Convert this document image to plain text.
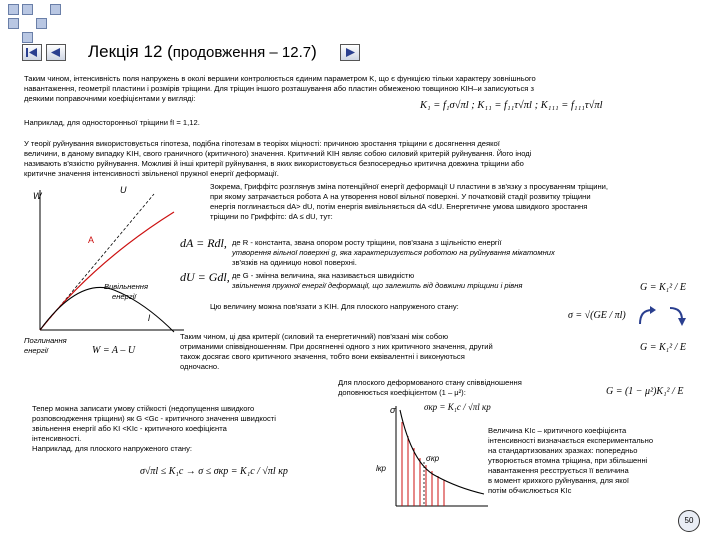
Лекція 12 (продовження – 12.7)
Таким чином, інтенсивність поля напружень в околі вершини контролюється єдиним параметром K, що є функцією тільки характеру зовнішнього
навантаження, геометрії пластини і розмірів тріщини. Для тріщин іншого розташування або пластин обмеженою товщиною KІН–и записуються з
деякими поправочними коефіцієнтами у вигляді:
K₁ = f₁σ√πl ; K₁₁ = f₁₁τ√πl ; K₁₁₁ = f₁₁₁τ√πl
Наприклад, для односторонньої тріщини fI = 1,12.
У теорії руйнування використовується гіпотеза, подібна гіпотезам в теоріях міцності: причиною зростання тріщини є досягнення деякої
величини, в даному випадку KІН, свого граничного (критичного) значення. Критичний KІН являє собою силовий критерій руйнування. Його іноді
називають в'язкістю руйнування. Можливі й інші критерії руйнування, в яких використовується безпосередньо критична довжина тріщини або
критичне значення інтенсивності звільненої пружної енергії деформації.
Зокрема, Гриффітс розглянув зміна потенційної енергії деформації U пластини в зв'язку з просуванням тріщини,
при якому затрачається робота А на утворення нової вільної поверхні. У початковій стадії розвитку тріщини
енергія поглинається dA> dU, потім енергія вивільняється dA <dU. Енергетичне умова швидкого зростання
тріщини по Гриффітс: dA ≤ dU, тут:
W
U
A
Вивільнення
енергії
l
Поглинання
енергії	W = A – U
dA = Rdl,
dU = Gdl,
де R - константа, звана опором росту тріщини, пов'язана з щільністю енергії
утворення вільної поверхні g, яка характеризується роботою на руйнування мікатомних
зв'язків на одиницю нової поверхні.
де G - змінна величина, яка називається швидкістю
звільнення пружної енергії деформації, що залежить від довжини тріщини і рівня	G = K₁² / E
Цю величину можна пов'язати з KІН. Для плоского напруженого стану:
σ = √(GE / πl)
Таким чином, ці два критерії (силовий та енергетичний) пов'язані між собою
отриманими співвідношенням. При досягненні одного з них критичного значення, другий
також досягає свого критичного значення, тобто вони еквівалентні і виконуються
одночасно.
G = K₁² / E
Для плоского деформованого стану співвідношення
доповнюється коефіцієнтом (1 – μ²):	G = (1 − μ²)K₁² / E
Тепер можна записати умову стійкості (недопущення швидкого
розповсюдження тріщини) як G <Gc - критичного значення швидкості
звільнення енергії або KI <KIc - критичного коефіцієнта
інтенсивності.
Наприклад, для плоского напруженого стану:
σ√πl ≤ K₁c → σ ≤ σкр = K₁c / √πl кр
σ
σкр
lкр
σкр = K₁c / √πl кр
Величина KIc – критичного коефіцієнта
інтенсивності визначається експериментально
на стандартизованих зразках: попередньо
утворюється втомна тріщина, при збільшенні
навантаження реєструється її величина
в момент крихкого руйнування, для якої
потім обчислюється KIc
50
